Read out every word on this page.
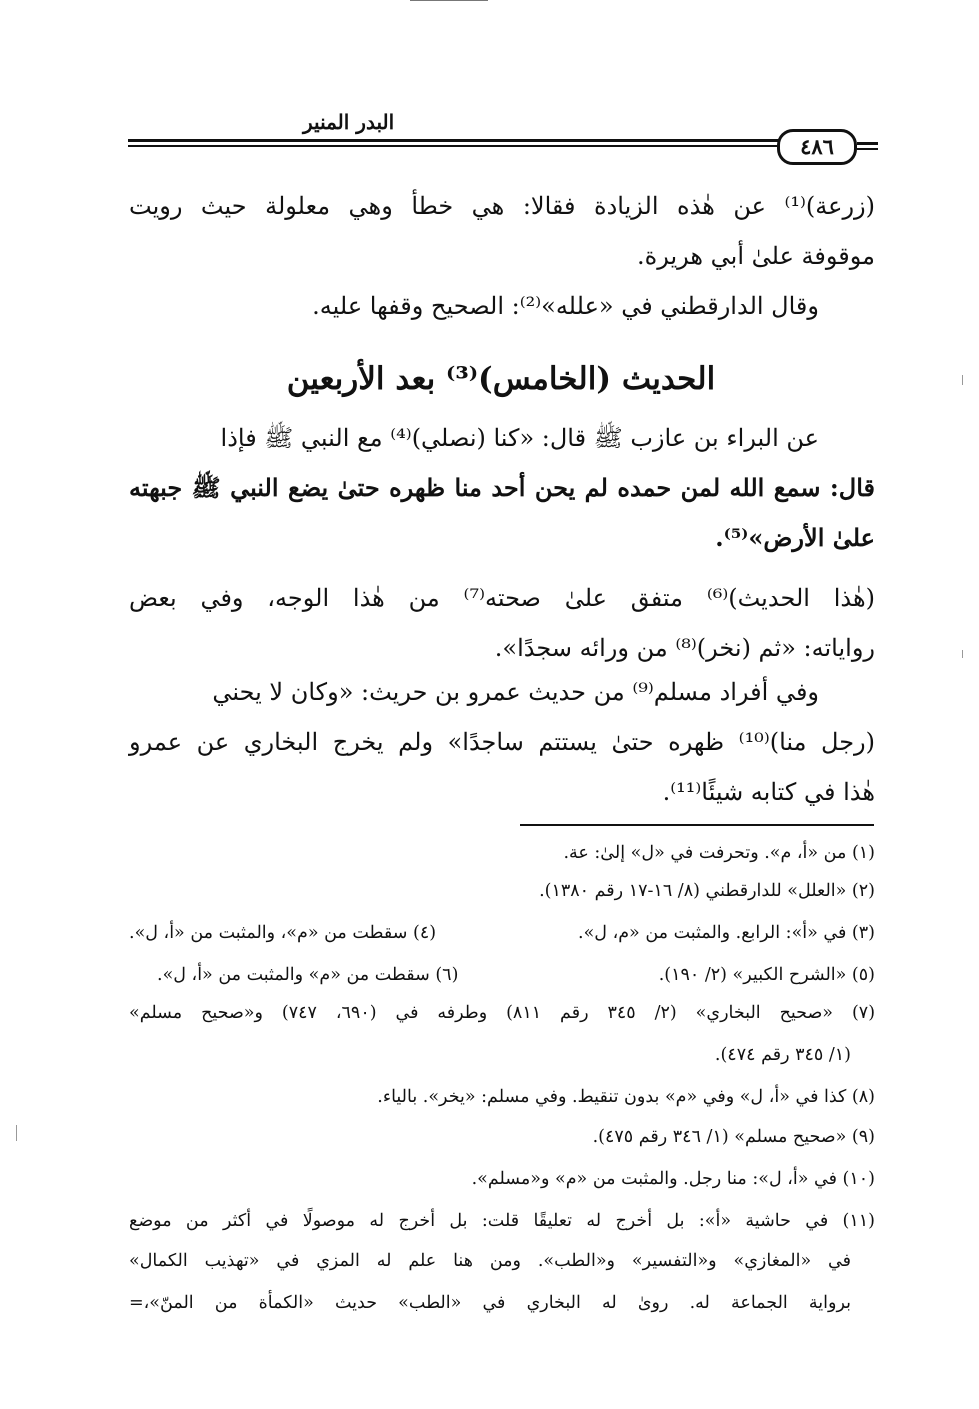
البدر المنير
٤٨٦
(زرعة)⁽¹⁾ عن هٰذه الزيادة فقالا: هي خطأ وهي معلولة حيث رويت
موقوفة علىٰ أبي هريرة.
وقال الدارقطني في «علله»⁽²⁾: الصحيح وقفها عليه.
الحديث (الخامس)⁽³⁾ بعد الأربعين
عن البراء بن عازب ﷺ قال: «كنا (نصلي)⁽⁴⁾ مع النبي ﷺ فإذا
قال: سمع الله لمن حمده لم يحن أحد منا ظهره حتىٰ يضع النبي ﷺ جبهته
علىٰ الأرض»⁽⁵⁾.
(هٰذا الحديث)⁽⁶⁾ متفق علىٰ صحته⁽⁷⁾ من هٰذا الوجه، وفي بعض
رواياته: «ثم (نخر)⁽⁸⁾ من ورائه سجدًا».
وفي أفراد مسلم⁽⁹⁾ من حديث عمرو بن حريث: «وكان لا يحني
(رجل منا)⁽¹⁰⁾ ظهره حتىٰ يستتم ساجدًا» ولم يخرج البخاري عن عمرو
هٰذا في كتابه شيئًا⁽¹¹⁾.
(١) من «أ، م». وتحرفت في «ل» إلىٰ: عة.
(٢) «العلل» للدارقطني (٨/ ١٦-١٧ رقم ١٣٨٠).
(٣) في «أ»: الرابع. والمثبت من «م، ل».
(٤) سقطت من «م»، والمثبت من «أ، ل».
(٥) «الشرح الكبير» (٢/ ١٩٠).
(٦) سقطت من «م» والمثبت من «أ، ل».
(٧) «صحيح البخاري» (٢/ ٣٤٥ رقم ٨١١) وطرفه في (٦٩٠، ٧٤٧) و«صحيح مسلم»
(١/ ٣٤٥ رقم ٤٧٤).
(٨) كذا في «أ، ل» وفي «م» بدون تنقيط. وفي مسلم: «يخر». بالياء.
(٩) «صحيح مسلم» (١/ ٣٤٦ رقم ٤٧٥).
(١٠) في «أ، ل»: منا رجل. والمثبت من «م» و«مسلم».
(١١) في حاشية «أ»: بل أخرج له تعليقًا قلت: بل أخرج له موصولًا في أكثر من موضع
في «المغازي» و«التفسير» و«الطب». ومن هنا علم له المزي في «تهذيب الكمال»
برواية الجماعة له. روىٰ له البخاري في «الطب» حديث «الكمأة من المنّ»،=
